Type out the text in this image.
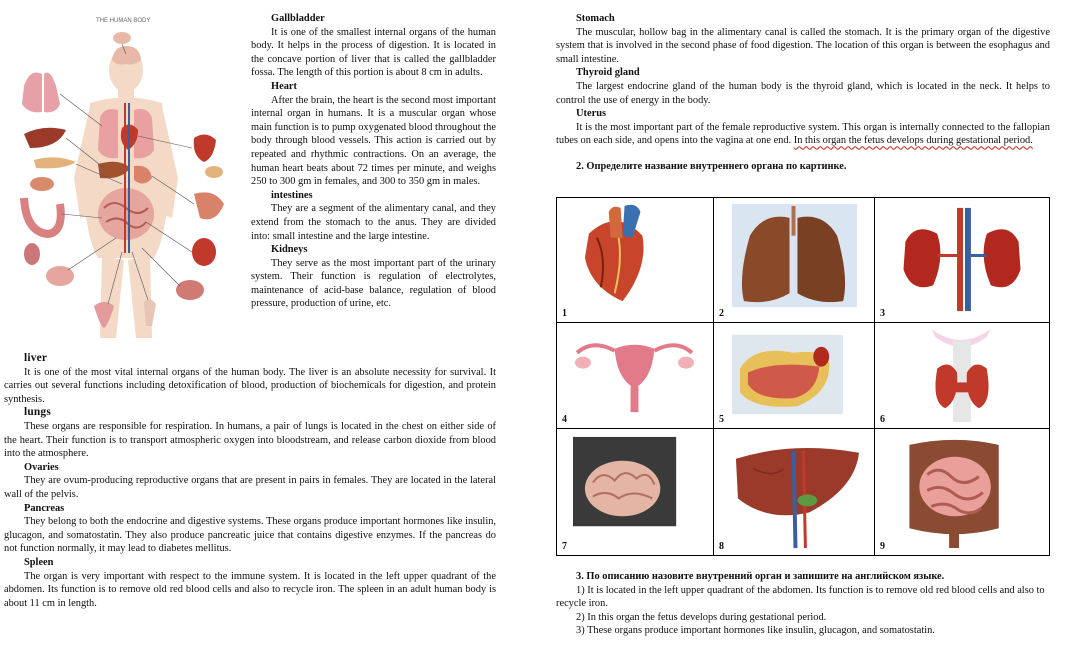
THE HUMAN BODY	Gallbladder
It is one of the smallest internal organs of the human body. It helps in the process of digestion. It is located in the concave portion of liver that is called the gallbladder fossa. The length of this portion is about 8 cm in adults.
Heart
After the brain, the heart is the second most important internal organ in humans. It is a muscular organ whose main function is to pump oxygenated blood throughout the body through blood vessels. This action is carried out by repeated and rhythmic contractions. On an average, the human heart beats about 72 times per minute, and weighs 250 to 300 gm in females, and 300 to 350 gm in males.
intestines
They are a segment of the alimentary canal, and they extend from the stomach to the anus. They are divided into: small intestine and the large intestine.
Kidneys
They serve as the most important part of the urinary system. Their function is regulation of electrolytes, maintenance of acid-base balance, regulation of blood pressure, production of urine, etc.
liver
It is one of the most vital internal organs of the human body. The liver is an absolute necessity for survival. It carries out several functions including detoxification of blood, production of biochemicals for digestion, and protein synthesis.
lungs
These organs are responsible for respiration. In humans, a pair of lungs is located in the chest on either side of the heart. Their function is to transport atmospheric oxygen into bloodstream, and release carbon dioxide from blood into the atmosphere.
Ovaries
They are ovum-producing reproductive organs that are present in pairs in females. They are located in the lateral wall of the pelvis.
Pancreas
They belong to both the endocrine and digestive systems. These organs produce important hormones like insulin, glucagon, and somatostatin. They also produce pancreatic juice that contains digestive enzymes. If the pancreas do not function normally, it may lead to diabetes mellitus.
Spleen
The organ is very important with respect to the immune system. It is located in the left upper quadrant of the abdomen. Its function is to remove old red blood cells and also to recycle iron. The spleen in an adult human body is about 11 cm in length.
Stomach
The muscular, hollow bag in the alimentary canal is called the stomach. It is the primary organ of the digestive system that is involved in the second phase of food digestion. The location of this organ is between the esophagus and small intestine.
Thyroid gland
The largest endocrine gland of the human body is the thyroid gland, which is located in the neck. It helps to control the use of energy in the body.
Uterus
It is the most important part of the female reproductive system. This organ is internally connected to the fallopian tubes on each side, and opens into the vagina at one end. In this organ the fetus develops during gestational period.
2. Определите название внутреннего органа по картинке.
1	2	3
4	5	6
7	8	9
3. По описанию назовите внутренний орган и запишите на английском языке.
1) It is located in the left upper quadrant of the abdomen. Its function is to remove old red blood cells and also to recycle iron.
2) In this organ the fetus develops during gestational period.
3) These organs produce important hormones like insulin, glucagon, and somatostatin.
